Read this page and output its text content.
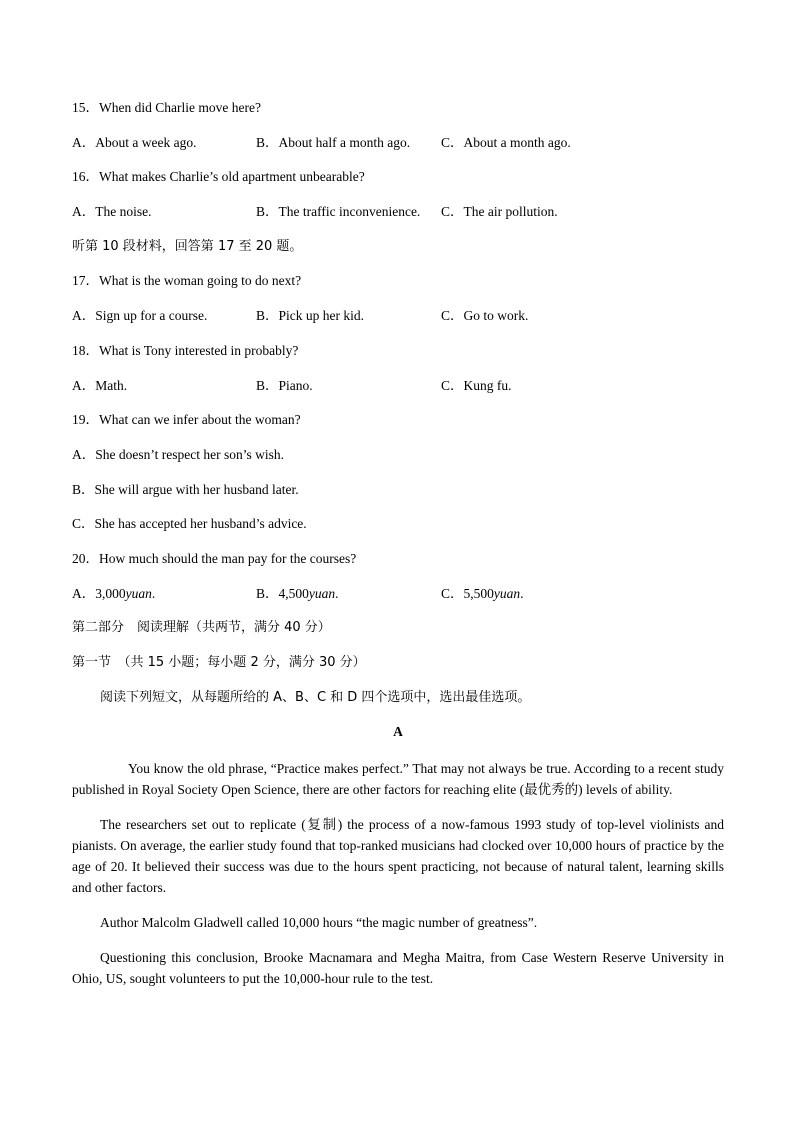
15．When did Charlie move here?
A．About a week ago.	B．About half a month ago.	C．About a month ago.
16．What makes Charlie’s old apartment unbearable?
A．The noise.	B．The traffic inconvenience.	C．The air pollution.
听第 10 段材料，回答第 17 至 20 题。
17．What is the woman going to do next?
A．Sign up for a course.	B．Pick up her kid.	C．Go to work.
18．What is Tony interested in probably?
A．Math.	B．Piano.	C．Kung fu.
19．What can we infer about the woman?
A．She doesn’t respect her son’s wish.
B．She will argue with her husband later.
C．She has accepted her husband’s advice.
20．How much should the man pay for the courses?
A．3,000yuan.	B．4,500yuan.	C．5,500yuan.
第二部分　阅读理解（共两节，满分 40 分）
第一节　（共 15 小题；每小题 2 分，满分 30 分）
阅读下列短文，从每题所给的 A、B、C 和 D 四个选项中，选出最佳选项。
A
You know the old phrase, “Practice makes perfect.” That may not always be true. According to a recent study published in Royal Society Open Science, there are other factors for reaching elite (最优秀的) levels of ability.
The researchers set out to replicate (复制) the process of a now-famous 1993 study of top-level violinists and pianists. On average, the earlier study found that top-ranked musicians had clocked over 10,000 hours of practice by the age of 20. It believed their success was due to the hours spent practicing, not because of natural talent, learning skills and other factors.
Author Malcolm Gladwell called 10,000 hours “the magic number of greatness”.
Questioning this conclusion, Brooke Macnamara and Megha Maitra, from Case Western Reserve University in Ohio, US, sought volunteers to put the 10,000-hour rule to the test.
